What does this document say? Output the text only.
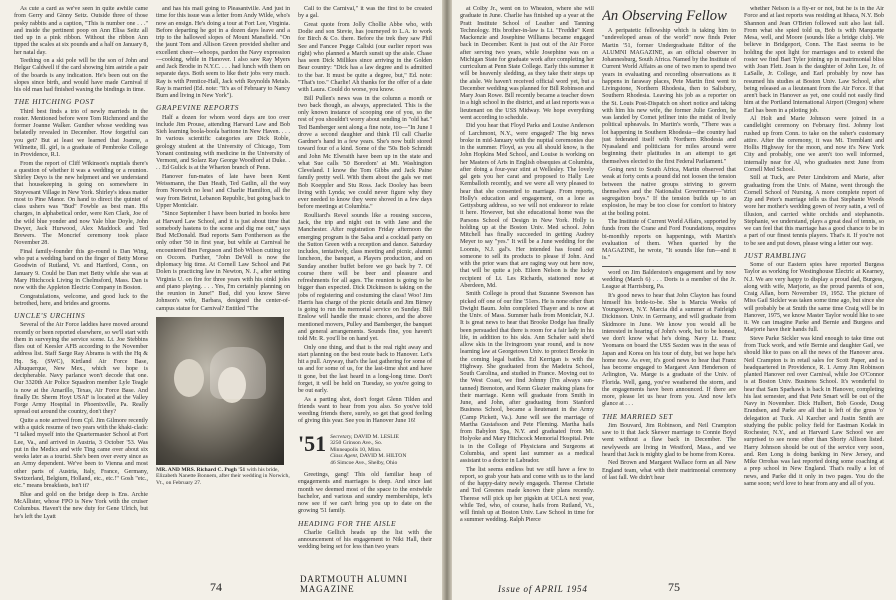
As cute a card as we've seen in quite awhile came from Gerry and Ginny Seitz. Outside three of those pesky rabbits and a caption, "This is number one . . ." and inside the pertinent poop on Ann Elisa Seitz all tied up in a pink ribbon. Without the ribbon Ann tipped the scales at six pounds and a half on January 8, her natal day.

Teething on a ski pole will be the son of John and Helgar Caldwell if the card showing him astride a pair of the boards is any indication. He's been out on the slopes since birth, and would have made Carnival if his old man had finished waxing the bindings in time.

THE HITCHING POST

Third best finds a trio of newly marrieds in the roster. Mentioned before were Tom Richmond and the former Joanne Walker. Gunther whose wedding was belatedly revealed in December. How forgetful can you get? But at least we learned that Joanne, a Wilmette, Ill. girl, is a graduate of Pembroke College in Providence, R.I.

From the report of Cliff Wikinson's nuptials there's a question of whether it was a wedding or a reunion. Shirley Deyo is the new helpmeet and we understand that housekeeping is going on somewhere in Stuyvesant Village in New York. Shirley's ideas matter most to Pine Manor. On hand to direct the quintet of class ushers was "Bud" Fowble as best man. His charges, in alphabetical order, were Ken Clark, Joe of the wild blue yonder and now Yale blue Doyle, John Dwyer, Jack Hurwood, Alex Maddock and Ted Brewers. The Moncrief ceremony took place November 28.

Final family-founder this go-round is Dan Wing, who put a wedding band on the finger of Betty Morse Goodwin of Rutland, Vt. and Hartford, Conn., on January 9. Could be Dan met Betty while she was at Mary Hitchcock Living in Chelmsford, Mass. Dan is now with the Appleton Electric Company in Boston.

Congratulations, welcome, and good luck to the betrothed, here, and brides and grooms.

UNCLE'S URCHINS

Several of the Air Force laddies have moved around recently or been reported elsewhere, so we'll start with them in surveying the service scene. Lt. Joe Stebbins flies out of Keesler AFB according to the November address list. Staff Sarge Ray Abrams is with the Hq & Hq. Sq. (SWC), Kirtland Air Force Base, Albuquerque, New Mex., which we hope is decipherable. Navy parlance won't decode that one. Our 3320th Air Police Squadron member Lyle Teagle is now at the Amarillo, Texas, Air Force Base. And finally Dr. Sherm Hoyt USAF is located at the Valley Forge Army Hospital in Phoenixville, Pa. Really spread out around the country, don't they?

Quite a note arrived from Cpl. Jim Gilmore recently with a quick resume of two years with the khaki-clads: "I talked myself into the Quartermaster School at Fort Lee, Va., and arrived in Austria, 3 October '53. Was put in the Medics and wife Ting came over about six weeks later as a tourist. She's been over every since as an Army dependent. We've been to Vienna and most other parts of Austria, Italy, France, Germany, Switzerland, Belgium, Holland, etc., etc.!" Gosh "etc., etc." means breakfasts, isn't it?

Blue and gold on the bridge deep is Ens. Archie McAllister, whose FPO is New York with the cruiser Columbus. Haven't the new duty for Gene Ulrich, but he's left the Lyatt

and has his mail going to Pleasantville. And just in time for this issue was a letter from Andy Wilde, who's now an ensign. He's doing a tour at Fort Lee, Virginia. Before departing he got in a dozen days leave and a trip to the hallowed slopes of Mount Mansfield. "On the jaunt Tom and Allison Green provided shelter and excellent cheer—whoops, pardon the Navy expression—cooking, while in Hanover. I also saw Ray Myers and Jack Brodie in N.Y.C. . . . had lunch with them on separate days. Both seem to like their jobs very much. Ray is with Prentice-Hall, Jack with Reynolds Metals. Ray is married (Ed. note: "It's as of February to Nancy Burn and living in New York").

GRAPEVINE REPORTS

Half a dozen for whom word days are too over include Jim Prouse, attending Harvard Law and Bob Sieh learning boola-boola baritone in New Haven. . . . In various scientific categories are Dick Roble, geology student at the University of Chicago, Tom Yonant continuing with medicine in the University of Vermont, and Solarz Ray George Woodford at Duke. . . . Ed Gulick is at the Wharton branch of Penn.

Hanover fun-mates of late have been Kent Weissmann, the Dan Heath, Ted Gatlin, all the way from Norwich no less! and Charlie Hamilton, all the way from Beirut, Lebanon Republic, but going back to Upper Montclair.

"Since September I have been buried in books here at Harvard Law School, and it is just about time that somebody hastens to the scene and dig me out," says Bud McDonald. Bud reports Sam Fontherson as the only other '50 in first year, but while at Carnival he encountered Ben Ferguson and Bob Wilson cutting ice on Occom. Further, "John DeVoll is now the diplomacy big time. At Cornell Law School and Pat Dolen is practicing law in Newton, N. J., after setting Virginia U. on fire for three years with his oinkl joles and piano playing. . . . Yes, I'm certainly planning on the reunion in June!" Bud, did you know Steve Johnson's wife, Barbara, designed the center-of-campus statue for Carnival? Entitled "The

MR. AND MRS. Richard C. Pugh '51 with his bride, Elizabeth Nanette Bonnem, after their wedding in Norwich, Vt., on February 27.

Call to the Carnival," it was the first to be created by a gal.

Great quote from Jolly Chollie Abbe who, with Dodie and son Stevie, has journeyed to L.A. to work for Birch & Co. there. Before the trek they saw Phil See and Fancee Pegge Caliski (our earlier report was right) who planned a March sunsit up the aisle. Chase has seen Dick Millikes since arriving in the Golden Bear country: "Dick has a law degree and is admitted to the bar. It must be quite a degree, but," Ed. note: "That's too." Charlie! Ah thanks for the offer of a date with Laura. Could do worse, you know.

Bill Pullen's news was in the column a month or two back though, as always, appreciated. This is the only known instance of scooping one of you, so the rest of you shouldn't worry about sending in "old hat." Ted Bamberger sent along a fine note, too—"In June I drove a second daughter and think I'll call Charlie Gardner's hand in a few years. She's now built stored toward four of a kind. Some of the '50s Bob Schmidt and John Mc Elwraith have been up in the state and what Sue calls '50 Boredom' at Mt. Washington Cleveland. I know the Tom Gibbs and Jack Paine family pretty well. With them about the gals we met Bob Koeppler and Stu Ross. Jack Dooley has been living with Lynda; we could never figure why they ever needed to know they were shoved in a few days before meetings at Columbia."

Roulliard's Revel sounds like a rousing success, Jack, the trip and night out in with Jane and the Manchester. After registration Friday afternoon the emerging program is the Salsa and a cocktail party on the Sutton Green with a reception and dance. Saturday includes, tentatively, class meeting and picnic, alumni luncheon, the banquet, a Players production, and on Sunday another buffet before we go back by 7. Of course there will be beer and pleasure and refreshments for all ages. The reunion is going to be bigger than expected. Dick Dickinson is taking on the jobs of registering and costuming the class! Woo! Jim Harris has charge of the picnic details and Jim Birney is going to run the memorial service on Sunday. Bill Enslow will handle the music chores, and the above mentioned movers, Pulley and Bamberger, the banquet and general arrangements. Sounds fine, you haven't told Mr. R. you'll be on hand yet.

Only one thing, and that is the real right away and start planning on the best route back to Hanover. Let's hit a pull. Anyway, that's the last gathering for some of us and for some of us, for the last-time shot and have it gone, but the last heard in a long-long time. Don't forget, it will be held on Tuesday, so you're going to be out early.

As a parting shot, don't forget Glenn Tilden and friends want to hear from you also. So you've told weeding friends there, surely, so get that good feeling of giving this year. See you in Hanover June 16!

'51 Secretary, DAVID M. LESLIE
3250 Grinson Ave., So.
Minneapolis 10, Minn.
Class Agent, DAVID M. HILTON
46 Simcoe Ave., Shelby, Ohio

Greetings, gang! This old familiar heap of engagements and marriages is deep. And since last month we deemed most of the space to the erstwhile bachelor, and various and sundry memberships, let's now see if we can't bring you up to date on the growing '51 family.

HEADING FOR THE AISLE

Charlie Gellich heads up the list with the announcement of his engagement to Niki Hall, their wedding being set for less than two years

74
DARTMOUTH ALUMNI MAGAZINE

at Colby Jr., went on to Wheaton, where she will graduate in June. Charlie has finished up a year at the Pratt Institute School of Leather and Tanning Technology. His brother-in-law is Lt. "Freddie" Kent Mackenzie and Josephine Williams became engaged back in December. Kent is just out of the Air Force after serving two years, while Josephine was on a Michigan State for graduate work after completing her curriculum at Penn State College. Early this summer it will be heavenly sledding, as they take their steps up the aisle. We haven't received official word yet, but a December wedding was planned for Bill Robinson and Mary Joan Rowe. Bill recently became a teacher down in a high school in the district, and at last reports was a lieutenant on the USS Midway. We hope everything went according to schedule.

Did you hear that Floyd Parks and Louise Anderson of Larchmont, N.Y., were engaged? The big news broke in mid-January with the nuptial ceremonies due in the summer. Floyd, as you all should know, is the John Hopkins Med School, and Louise is working on her Masters of Arts in English obsequies at Columbia, after doing a four-year stint at Wellesley. The lovely gal gets you her carat and proposed to Hally Lee Kemballoth recently, and we were all very pleased to hear that she consented to marriage. From reports, Holly's education and engagement, on a lone as Gettysburg address, so we will not endeavor to relate it here. However, but she educational home was the Parsons School of Design in New York. Holly is holding up at the Boston Univ. Med school. John Mitchell has finally succeeded in getting Audrey Meyer to say "yes." It will be a June wedding for the Loomis, N.J. gal's. Her intended has found out someone to sell its products to please if John. And with the prior wars that are raging way out here now, that will be quite a job. Eileen Nelson is the lucky recipient of Lt. Les Richards, stationed now at Aberdeen, Md.

Smith College is proud that Suzanne Sweeson has picked off one of our fine '51ers. He is none other than Dwight Baum. John completed Thayer and is now at the Univ. of Mass. Summer hails from Montclair, N.J. It is great news to hear that Brooke Dodge has finally been persuaded that there is room for a fair lady in his life, in addition to his skis. Ann Schafer said she'd allow skis in the livingroom year round, and is now learning law at Georgetown Univ. to protect Brooke in the coming legal battles. Ed Kerrigan is with the Highway. She graduated from the Madeira School, South Carolina, and studied in France. Moving out to the West Coast, we find Johnny (I'm always sun-tanned) Brenoton, and Kenn Glazier making plans for their marriage. Kenn will graduate from Smith in June, and John, after graduating from Stanford Business School, became a lieutenant in the Army (Camp Pickett, Va.). June will see the marriage of Martha Gustafsson and Pete Fleming. Martha hails from Babylon Spa, N.Y. and graduated from Mt. Holyoke and Mary Hitchcock Memorial Hospital. Pete is in the College of Physicians and Surgeons at Columbia, and spent last summer as a medical assistant to a doctor in Labrador.

The list seems endless but we still have a few to report, so grab your hats and come with us to the land of the happy-dairy newly engageds. Therese Christie and Ted Greenes made known their plans recently. Therese will pick up her pigskin at UCLA next year, while Ted, who, of course, hails from Rutland, Vt., will finish up at Boston Univ. Law School in time for a summer wedding. Ralph Pierce

An Observing Fellow

A peripatetic fellowship which is taking him to "undeveloped areas of the world" now finds Peter Martin '51, former Undergraduate Editor of the ALUMNI MAGAZINE, as an official observer in Johannesburg, South Africa. Named by the Institute of Current World Affairs as one of two men to spend two years in evaluating and recording observations as it happens in faraway places, Pete Martin first went to Livingstone, Northern Rhodesia, then to Salisbury, Southern Rhodesia. Leaving his job as a reporter on the St. Louis Post-Dispatch on short notice and taking with him his new wife, the former Julie Gordon, he was landed by Comet jetliner into the midst of lively political upheavals. In Martin's words, "There was a lot happening in Southern Rhodesia—the country had just federated itself with Northern Rhodesia and Nyasaland and politicians for miles around were beginning their platitudes in an attempt to get themselves elected to the first Federal Parliament."

Going next to South Africa, Martin observed that weak at forty cents a pound did not loosen the tension between the native groups striving to govern themselves and the Nationalist Government—"strict segregation boys." If the tension builds up to an explosion, he may be too close for comfort to history at the boiling point.

The Institute of Current World Affairs, supported by funds from the Crane and Ford Foundations, requires bi-monthly reports on happenings, with Martin's evaluation of them. When queried by the MAGAZINE, he wrote, "It sounds like fun—and it is."

word on Jim Balderston's engagement and by now wedding (March 6) . . . Doris is a member of the Jr. League at Harrisburg, Pa.

It's good news to hear that John Clayton has found himself his bride-to-be. She is Marcia Weeks of Youngstown, N.Y. Marcia did a summer at Fairleigh Dickinson. Univ. in Germany, and will graduate from Skidmore in June. We know you would all be interested in hearing of John's work, but to be honest, we don't know what he's doing. Navy Lt. Franz Yeomans on board the USS Saxten was in the seas of Japan and Korea on his tour of duty, but we hope he's home now. As ever, it's good news to hear that Franz has become engaged to Margaret Ann Henderson of Arlington, Va. Marge is a graduate of the Univ. of Florida. Well, gang, you've weathered the storm, and the engagements have been announced. If there are more, please let us hear from you. And now let's glance at . . .

THE MARRIED SET

Jim Bouvard, Jim Robinson, and Neil Crampton saw to it that Jack Skewer marriage to Connie Boyd went without a flaw back in December. The newlyweds are living in Westford, Mass., and we heard that Jack is mighty glad to be home from Korea.

Ned Brown and Margaret Wallace form an all New England team, what with their matrimonial ceremony of last fall. We didn't hear

whether Nelson is a fly-er or not, but he is in the Air Force and at last reports was residing at Ithaca, N.Y. Bob Shannon and Jean O'Brien followed suit also last fall. From what she spied told us, Bob is with Marquette Mesa, well, and Moore (sounds like a bridge club). We believe in Bridgeport, Conn. The East seems to be holding the spot light for marriages and to extend the roster we find Bart Tyler joining up in matrimonial bliss with Joan Flett. Joan is the daughter of John Lee, Jr. of LaSalle, Jr. College, and Earl probably by now has resumed his studies at Boston Univ. Law School, after being released as a lieutenant from the Air Force. If that aren't back in Hanover as yet, one could not easily find him at the Portland International Airport (Oregon) where Earl has been in a piloting job.

Al Holt and Marie Johnson were joined in a candlelight ceremony on February first. Johnny lost rushed up from Conn. to take on the usher's customary attire. After the ceremony, it was Mt. Tremblant and Hollis Highway for the moon, and now it's New York City and probably, one we aren't too well informed, internally near for Al, who graduates next June from Cornell Med School.

Still at Tuck, are Peter Lindstrom and Marie, after graduating from the Univ. of Maine, went through the Cornell School of Nursing. A more complete report of Zip and Peter's marriage tells us that Stephanie Woods wore her mother's wedding gown of ivory satin, a veil of illusion, and carried white orchids and stephanotis. Stephanie, we understand, plays a great deal of tennis, so we can feel that this marriage has a good chance to be in a part of our finest tennis players. That's it. If you're not to be see and put down, please wing a letter our way.

JUST RAMBLING

Some of our Eastern spies have reported Burgess Taylor as working for Westinghouse Electric at Kearney, N.J. We are very happy to display a proud dad, Burgess, along with wife, Marjorie, as the proud parents of son, Craig Allan, born November 19, 1952. The picture of Miss Gail Sickler was taken some time ago, but since she will probably be at Smith the same time Craig will be in Hanover, 1975, we know Master Taylor would like to see it. We can imagine Parke and Bernie and Burgess and Marjorie have their hands full.

Steve Parke Sickler was kind enough to take time out from Tuck work, and wife Bernie and daughter Gail, we should like to pass on all the news of the Hanover area. Neil Crampton is in retail sales for Scott Paper, and is headquartered in Providence, R. I. Army Jim Robinson planted Hanover red over Carnival, while Joe O'Connor is at Boston Univ. Business School. It's wonderful to hear that Sam Sparhawk is back in Hanover, completing his last semester, and that Pete Smart will be out of the Navy in November. Dick Hulbert, Bob Goode, Doug Erandsen, and Parke are all that is left of the gruss 'o' delegation at Tuck. Al Karcher and Justin Smith are studying the public policy field for Eastman Kodak in Rochester, N.Y., and at Harvard Law School we are surprised to see none other than Shorty Allison listed. Harry Johnson should be out of the service very soon, and. Ren Long is doing banking in New Jersey, and Mike Orrohas was last reported doing some coaching at a prep school in New England. That's really a lot of news, and Parke did it only in two pages. You do the same soon; we'd love to hear from any and all of you.

Issue of APRIL 1954	75
